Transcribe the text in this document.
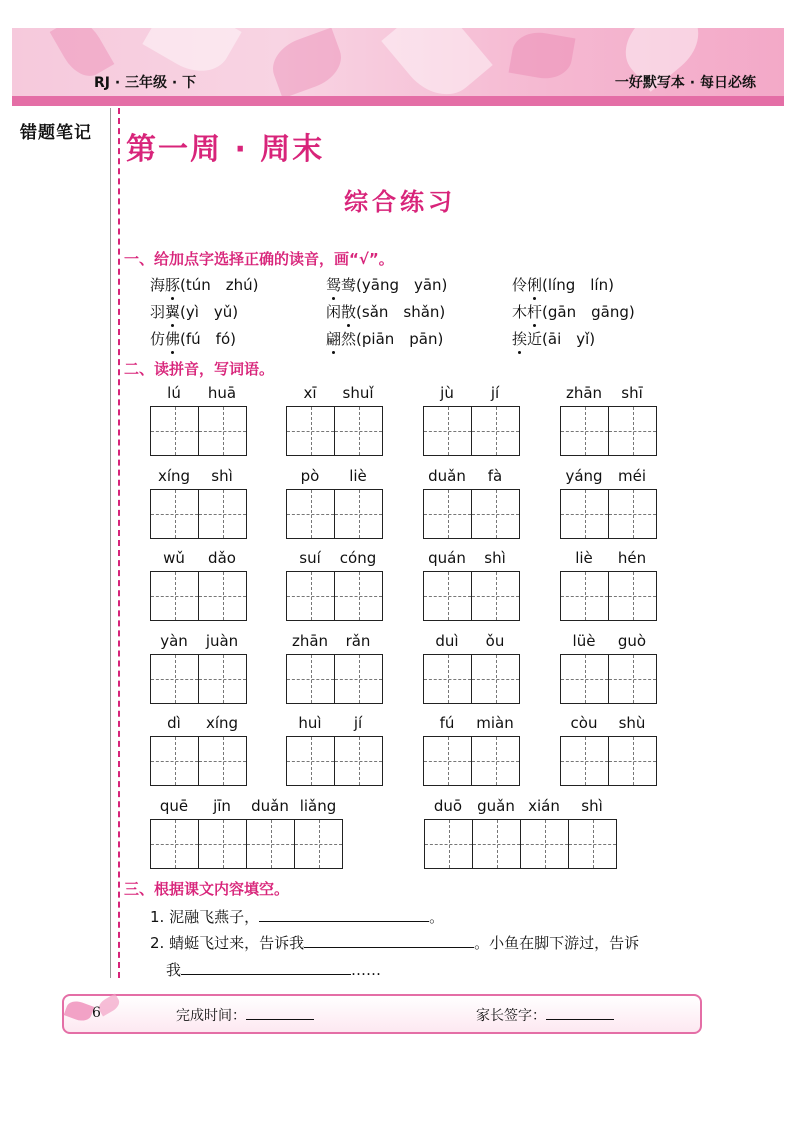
RJ · 三年级 · 下	一好默写本 · 每日必练
错题笔记 第一周 · 周末
综合练习
一、给加点字选择正确的读音，画“√”。
海豚(tún　zhú)	鸳鸯(yāng　yān)	伶俐(líng　lín)
羽翼(yì　yǔ)	闲散(sǎn　shǎn)	木杆(gān　gāng)
仿佛(fú　fó)	翩然(piān　pān)	挨近(āi　yǐ)
二、读拼音，写词语。
lú huā	xī shuǐ	jù jí	zhān shī
xíng shì	pò liè	duǎn fà	yáng méi
wǔ dǎo	suí cóng	quán shì	liè hén
yàn juàn	zhān rǎn	duì ǒu	lüè guò
dì xíng	huì jí	fú miàn	còu shù
quē jīn duǎn liǎng	duō guǎn xián shì
三、根据课文内容填空。
1. 泥融飞燕子，	。
2. 蜻蜓飞过来，告诉我	。小鱼在脚下游过，告诉
我	……
6	完成时间：	家长签字：
